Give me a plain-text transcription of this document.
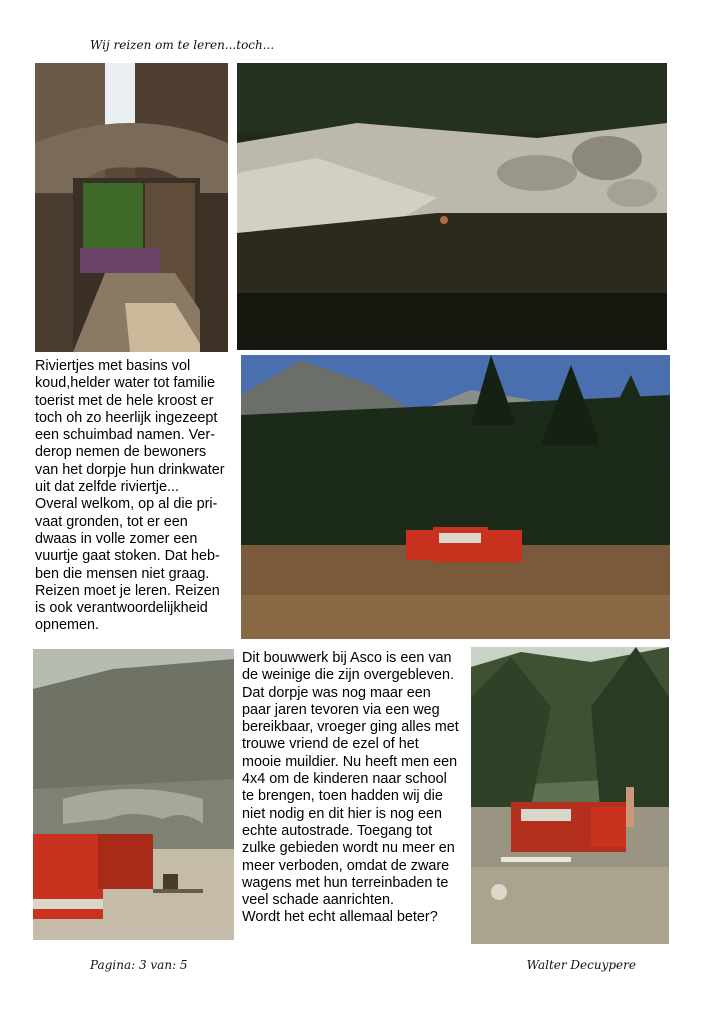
Wij reizen om te leren...toch...
Riviertjes met basins vol
koud,helder water tot familie
toerist met de hele kroost er
toch oh zo heerlijk ingezeept
een schuimbad namen. Ver-
derop nemen de bewoners
van het dorpje hun drinkwater
uit dat zelfde riviertje...
Overal welkom, op al die pri-
vaat gronden, tot er een
dwaas in volle zomer een
vuurtje gaat stoken. Dat heb-
ben die mensen niet graag.
Reizen moet je leren. Reizen
is ook verantwoordelijkheid
opnemen.
Dit bouwwerk bij Asco is een van
de weinige die zijn overgebleven.
Dat dorpje was nog maar een
paar jaren tevoren via een weg
bereikbaar, vroeger ging alles met
trouwe vriend de ezel of het
mooie muildier. Nu heeft men een
4x4 om de kinderen naar school
te brengen, toen hadden wij die
niet nodig en dit hier is nog een
echte autostrade. Toegang tot
zulke gebieden wordt nu meer en
meer verboden, omdat de zware
wagens met hun terreinbaden te
veel schade aanrichten.
Wordt het echt allemaal beter?
Pagina: 3 van: 5	Walter Decuypere
